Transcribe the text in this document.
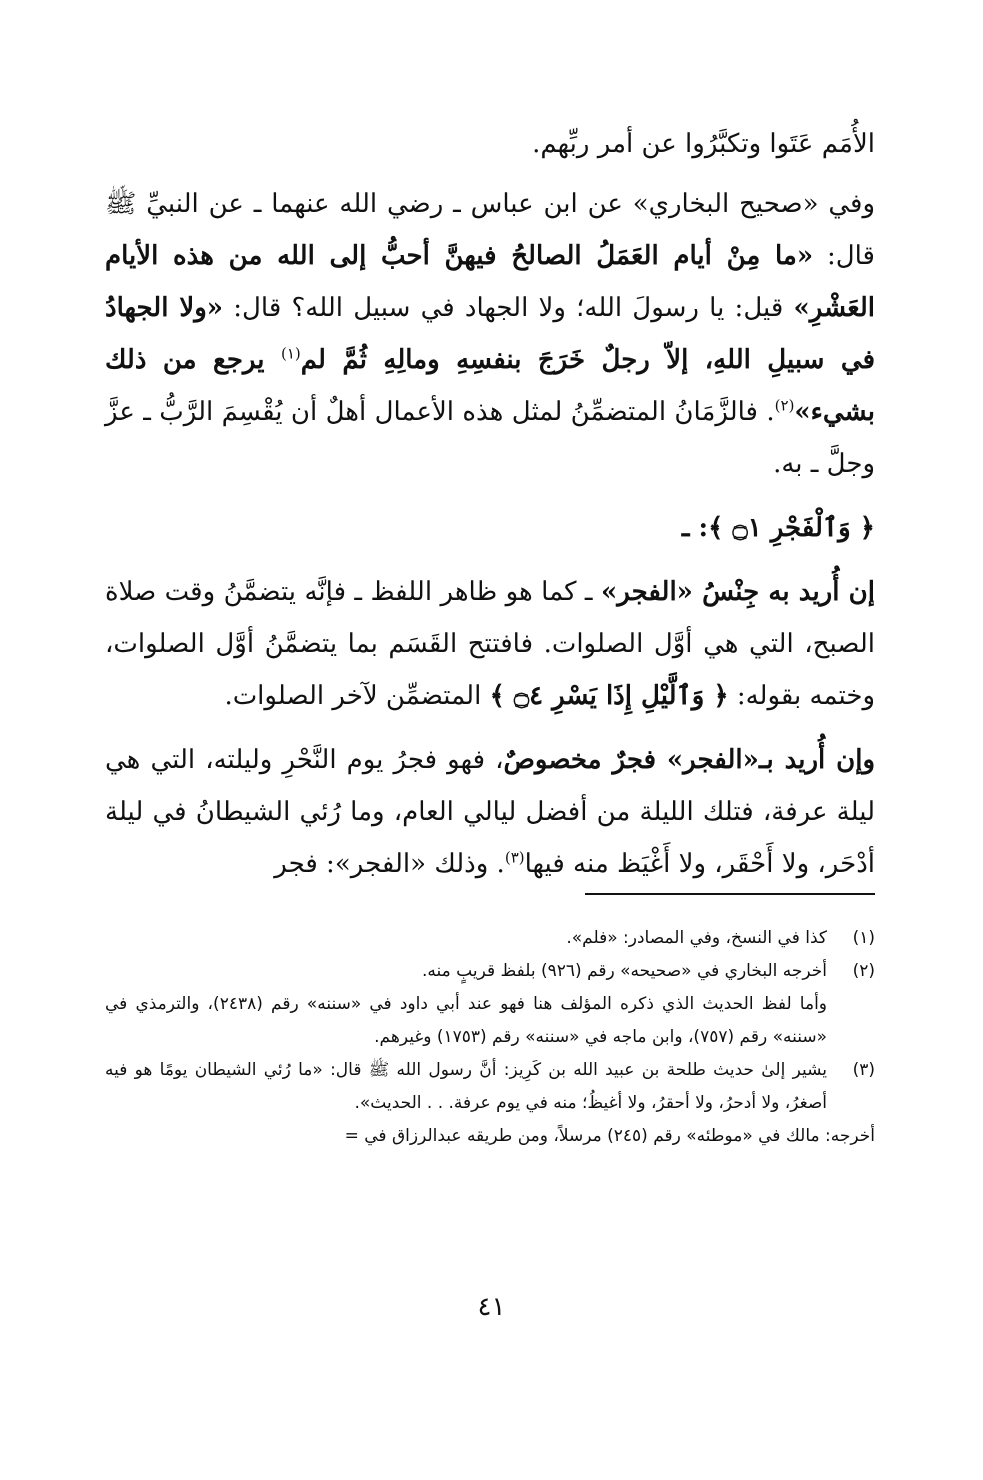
الأُمَم عَتَوا وتكبَّرُوا عن أمر ربِّهم.

وفي «صحيح البخاري» عن ابن عباس ـ رضي الله عنهما ـ عن النبيِّ ﷺ قال: «ما مِنْ أيام العَمَلُ الصالحُ فيهنَّ أحبُّ إلى الله من هذه الأيام العَشْرِ» قيل: يا رسولَ الله؛ ولا الجهاد في سبيل الله؟ قال: «ولا الجهادُ في سبيلِ اللهِ، إلاّ رجلٌ خَرَجَ بنفسِهِ ومالِهِ ثُمَّ لم$^{(١)}$ يرجع من ذلك بشيء»$^{(٢)}$. فالزَّمَانُ المتضمِّنُ لمثل هذه الأعمال أهلٌ أن يُقْسِمَ الرَّبُّ ـ عزَّ وجلَّ ـ به.

﴿ وَٱلْفَجْرِ ۝١ ﴾: ـ

إن أُريد به جِنْسُ «الفجر» ـ كما هو ظاهر اللفظ ـ فإنَّه يتضمَّنُ وقت صلاة الصبح، التي هي أوَّل الصلوات. فافتتح القَسَم بما يتضمَّنُ أوَّل الصلوات، وختمه بقوله: ﴿ وَٱلَّيْلِ إِذَا يَسْرِ ۝٤ ﴾ المتضمِّن لآخر الصلوات.

وإن أُريد بـ«الفجر» فجرٌ مخصوصٌ، فهو فجرُ يوم النَّحْرِ وليلته، التي هي ليلة عرفة، فتلك الليلة من أفضل ليالي العام، وما رُئي الشيطانُ في ليلة أدْحَر، ولا أَحْقَر، ولا أَغْيَظ منه فيها$^{(٣)}$. وذلك «الفجر»: فجر

(١)
كذا في النسخ، وفي المصادر: «فلم».
(٢)
أخرجه البخاري في «صحيحه» رقم (٩٢٦) بلفظ قريبٍ منه.
وأما لفظ الحديث الذي ذكره المؤلف هنا فهو عند أبي داود في «سننه» رقم (٢٤٣٨)، والترمذي في «سننه» رقم (٧٥٧)، وابن ماجه في «سننه» رقم (١٧٥٣) وغيرهم.
(٣)
يشير إلىٰ حديث طلحة بن عبيد الله بن كَرِيز: أنَّ رسول الله ﷺ قال: «ما رُئي الشيطان يومًا هو فيه أصغرُ، ولا أدحرُ، ولا أحقرُ، ولا أغيظُ؛ منه في يوم عرفة. . . الحديث».
أخرجه: مالك في «موطئه» رقم (٢٤٥) مرسلاً، ومن طريقه عبدالرزاق في =
٤١
